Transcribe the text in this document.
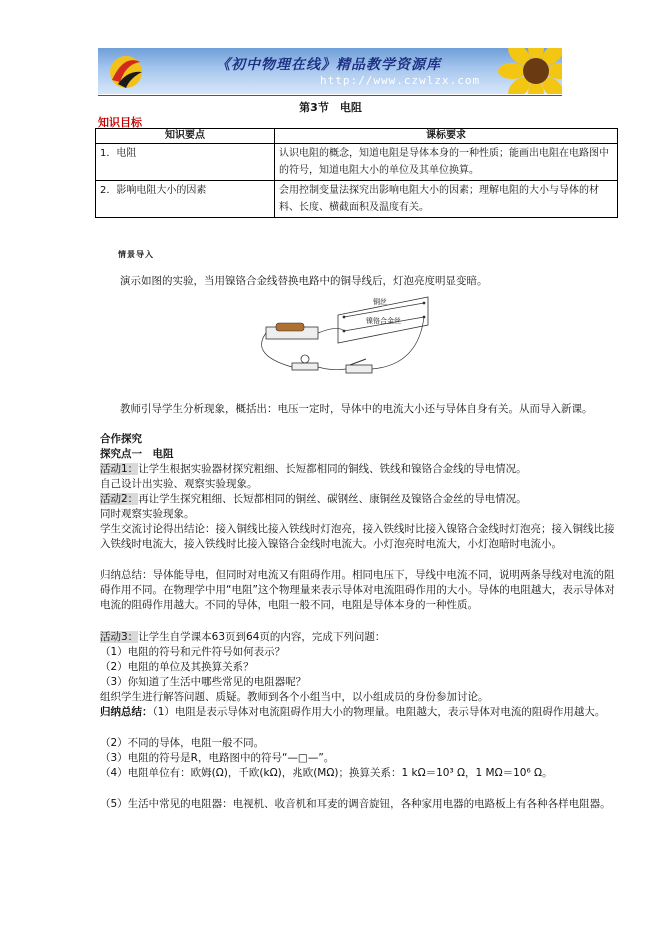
《初中物理在线》精品教学资源库
http://www.czwlzx.com
第3节　电阻
知识目标
知识要点	课标要求
1．电阻	认识电阻的概念，知道电阻是导体本身的一种性质；能画出电阻在电路图中的符号，知道电阻大小的单位及其单位换算。
2．影响电阻大小的因素	会用控制变量法探究出影响电阻大小的因素；理解电阻的大小与导体的材料、长度、横截面积及温度有关。
情景导入
演示如图的实验，当用镍铬合金线替换电路中的铜导线后，灯泡亮度明显变暗。
铜丝
镍铬合金丝
教师引导学生分析现象，概括出：电压一定时，导体中的电流大小还与导体自身有关。从而导入新课。
合作探究
探究点一　电阻
活动1：让学生根据实验器材探究粗细、长短都相同的铜线、铁线和镍铬合金线的导电情况。
自己设计出实验、观察实验现象。
活动2：再让学生探究粗细、长短都相同的铜丝、碳钢丝、康铜丝及镍铬合金丝的导电情况。
同时观察实验现象。
学生交流讨论得出结论：接入铜线比接入铁线时灯泡亮，接入铁线时比接入镍铬合金线时灯泡亮；接入铜线比接入铁线时电流大，接入铁线时比接入镍铬合金线时电流大。小灯泡亮时电流大，小灯泡暗时电流小。
归纳总结：导体能导电，但同时对电流又有阻碍作用。相同电压下，导线中电流不同，说明两条导线对电流的阻碍作用不同。在物理学中用“电阻”这个物理量来表示导体对电流阻碍作用的大小。导体的电阻越大，表示导体对电流的阻碍作用越大。不同的导体，电阻一般不同，电阻是导体本身的一种性质。
活动3：让学生自学课本63页到64页的内容，完成下列问题：
（1）电阻的符号和元件符号如何表示？
（2）电阻的单位及其换算关系？
（3）你知道了生活中哪些常见的电阻器呢？
组织学生进行解答问题、质疑。教师到各个小组当中，以小组成员的身份参加讨论。
归纳总结：（1）电阻是表示导体对电流阻碍作用大小的物理量。电阻越大，表示导体对电流的阻碍作用越大。
（2）不同的导体，电阻一般不同。
（3）电阻的符号是R，电路图中的符号“—□—”。
（4）电阻单位有：欧姆(Ω)，千欧(kΩ)，兆欧(MΩ)；换算关系：1 kΩ＝10³ Ω，1 MΩ＝10⁶ Ω。
（5）生活中常见的电阻器：电视机、收音机和耳麦的调音旋钮，各种家用电器的电路板上有各种各样电阻器。
